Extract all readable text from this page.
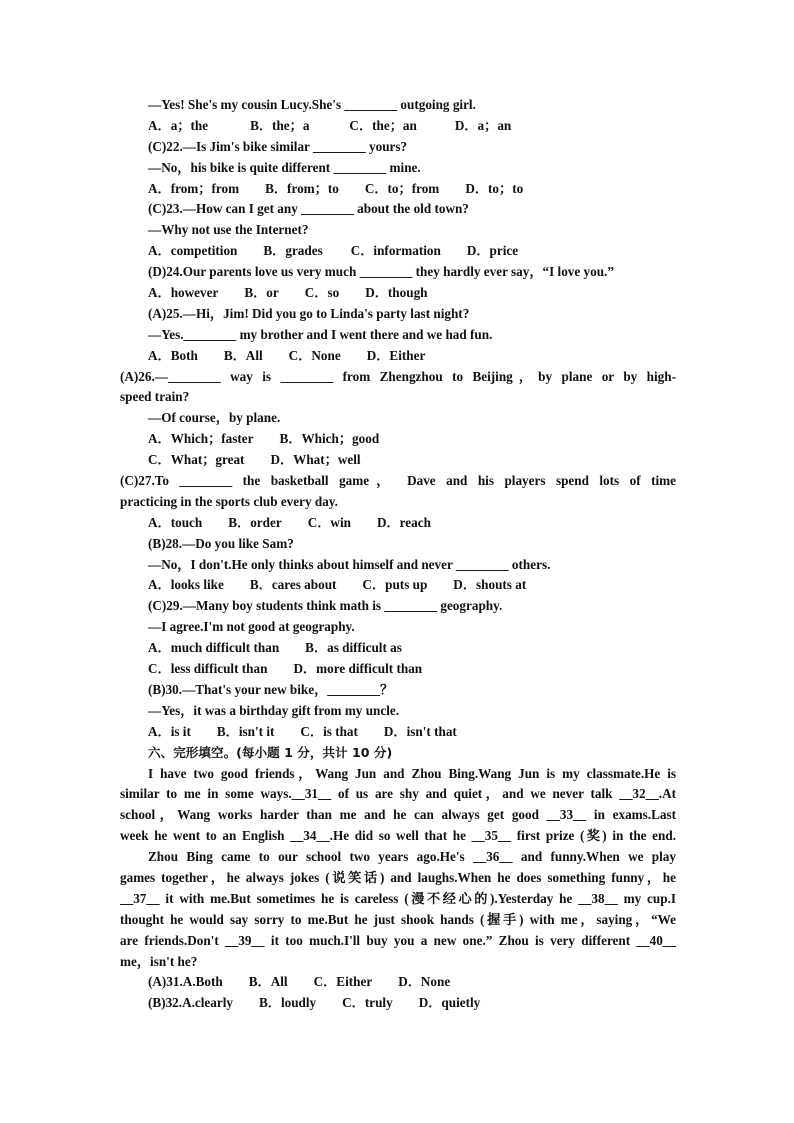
—Yes! She's my cousin Lucy.She's ________ outgoing girl.
A．a；the	B．the；a	C．the；an	D．a；an
(C)22.—Is Jim's bike similar ________ yours?
—No，his bike is quite different ________ mine.
A．from；from B．from；to C．to；from D．to；to
(C)23.—How can I get any ________ about the old town?
—Why not use the Internet?
A．competition B．grades C．information D．price
(D)24.Our parents love us very much ________ they hardly ever say，“I love you.”
A．however B．or C．so D．though
(A)25.—Hi，Jim! Did you go to Linda's party last night?
—Yes.________ my brother and I went there and we had fun.
A．Both B．All C．None D．Either
(A)26.—________ way is ________ from Zhengzhou to Beijing，by plane or by high-
speed train?
—Of course，by plane.
A．Which；faster B．Which；good
C．What；great D．What；well
(C)27.To ________ the basketball game， Dave and his players spend lots of time
practicing in the sports club every day.
A．touch B．order C．win D．reach
(B)28.—Do you like Sam?
—No，I don't.He only thinks about himself and never ________ others.
A．looks like B．cares about C．puts up D．shouts at
(C)29.—Many boy students think math is ________ geography.
—I agree.I'm not good at geography.
A．much difficult than B．as difficult as
C．less difficult than D．more difficult than
(B)30.—That's your new bike，________？
—Yes，it was a birthday gift from my uncle.
A．is it B．isn't it C．is that D．isn't that
六、完形填空。(每小题 1 分，共计 10 分)
I have two good friends，Wang Jun and Zhou Bing.Wang Jun is my classmate.He is
similar to me in some ways.__31__ of us are shy and quiet，and we never talk __32__.At
school，Wang works harder than me and he can always get good __33__ in exams.Last
week he went to an English __34__.He did so well that he __35__ first prize (奖) in the end.
Zhou Bing came to our school two years ago.He's __36__ and funny.When we play
games together，he always jokes (说笑话) and laughs.When he does something funny，he
__37__ it with me.But sometimes he is careless (漫不经心的).Yesterday he __38__ my cup.I
thought he would say sorry to me.But he just shook hands (握手) with me，saying，“We
are friends.Don't __39__ it too much.I'll buy you a new one.” Zhou is very different __40__
me，isn't he?
(A)31.A.Both B．All C．Either D．None
(B)32.A.clearly B．loudly C．truly D．quietly
